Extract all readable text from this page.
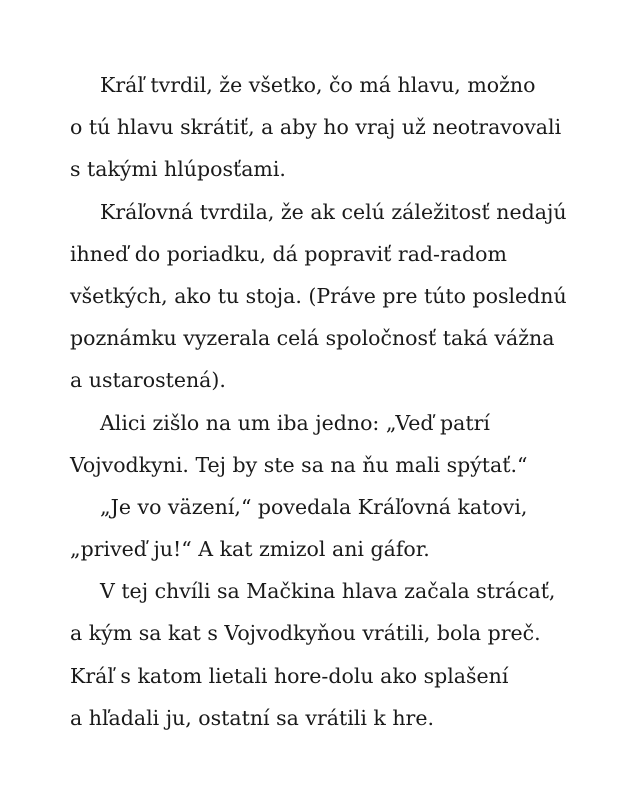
Kráľ tvrdil, že všetko, čo má hlavu, možno
o tú hlavu skrátiť, a aby ho vraj už neotravovali
s takými hlúposťami.
Kráľovná tvrdila, že ak celú záležitosť nedajú
ihneď do poriadku, dá popraviť rad-radom
všetkých, ako tu stoja. (Práve pre túto poslednú
poznámku vyzerala celá spoločnosť taká vážna
a ustarostená).
Alici zišlo na um iba jedno: „Veď patrí
Vojvodkyni. Tej by ste sa na ňu mali spýtať.“
„Je vo väzení,“ povedala Kráľovná katovi,
„priveď ju!“ A kat zmizol ani gáfor.
V tej chvíli sa Mačkina hlava začala strácať,
a kým sa kat s Vojvodkyňou vrátili, bola preč.
Kráľ s katom lietali hore-dolu ako splašení
a hľadali ju, ostatní sa vrátili k hre.
